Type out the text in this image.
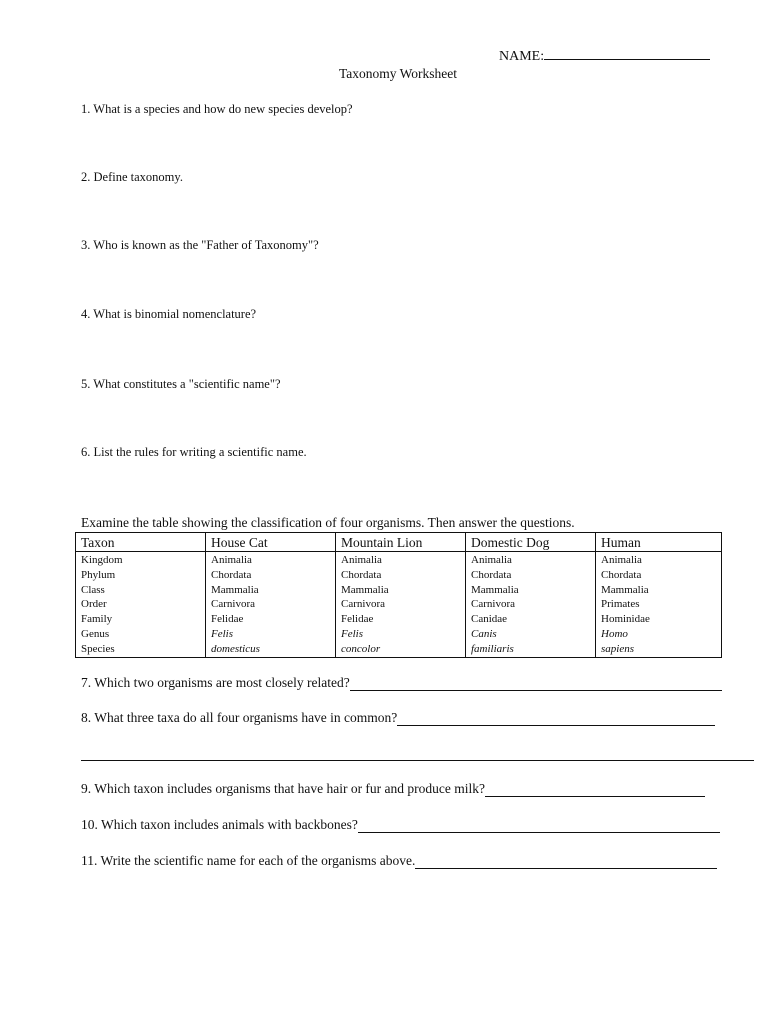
NAME:
Taxonomy Worksheet
1. What is a species and how do new species develop?
2. Define taxonomy.
3. Who is known as the "Father of Taxonomy"?
4. What is binomial nomenclature?
5. What constitutes a "scientific name"?
6. List the rules for writing a scientific name.
Examine the table showing the classification of four organisms. Then answer the questions.
Taxon	House Cat	Mountain Lion	Domestic Dog	Human
Kingdom	Animalia	Animalia	Animalia	Animalia
Phylum	Chordata	Chordata	Chordata	Chordata
Class	Mammalia	Mammalia	Mammalia	Mammalia
Order	Carnivora	Carnivora	Carnivora	Primates
Family	Felidae	Felidae	Canidae	Hominidae
Genus	Felis	Felis	Canis	Homo
Species	domesticus	concolor	familiaris	sapiens
7. Which two organisms are most closely related?
8. What three taxa do all four organisms have in common?
9. Which taxon includes organisms that have hair or fur and produce milk?
10. Which taxon includes animals with backbones?
11. Write the scientific name for each of the organisms above.
